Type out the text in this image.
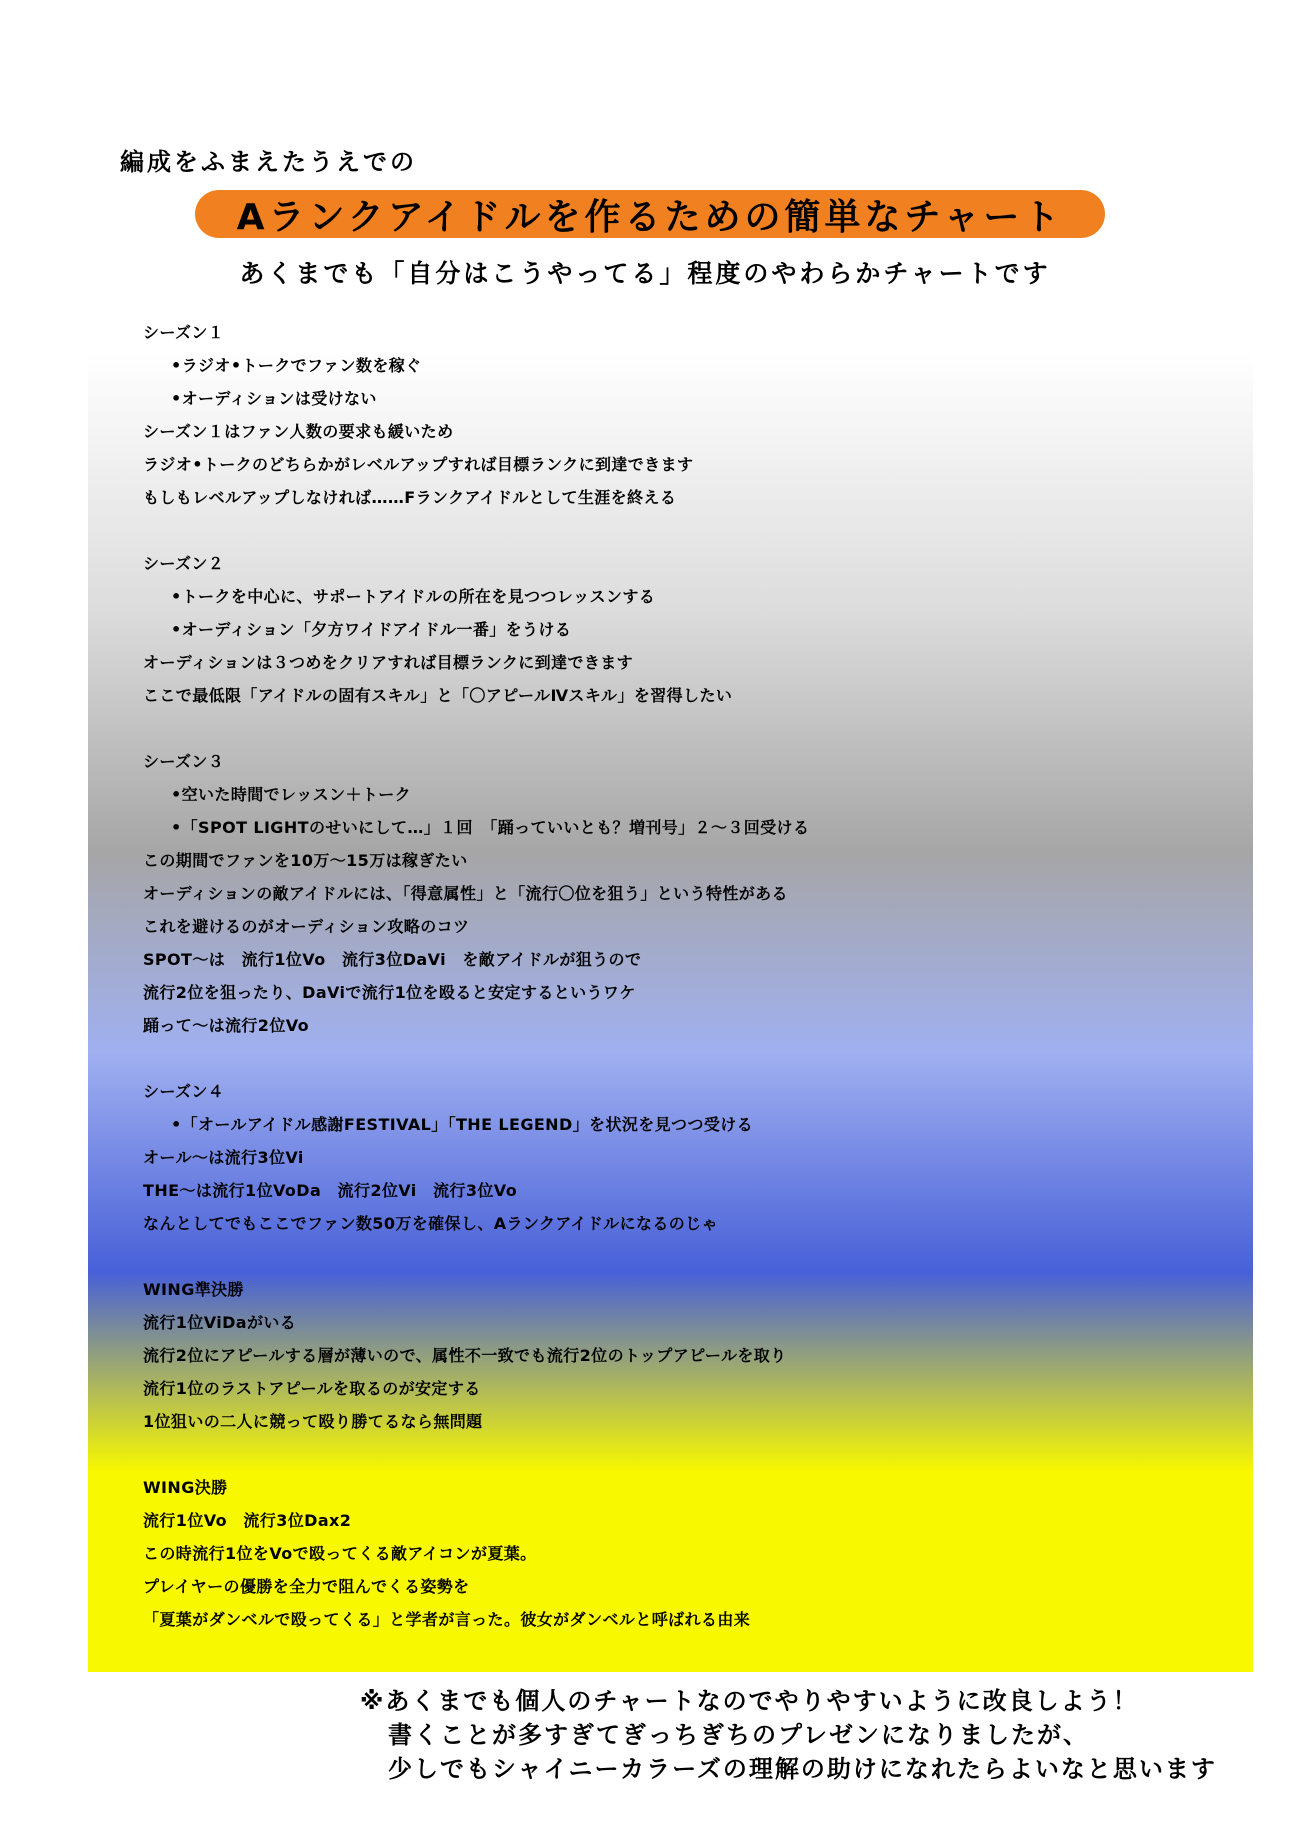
編成をふまえたうえでの
Aランクアイドルを作るための簡単なチャート
あくまでも「自分はこうやってる」程度のやわらかチャートです
シーズン１
•ラジオ•トークでファン数を稼ぐ
•オーディションは受けない
シーズン１はファン人数の要求も緩いため
ラジオ•トークのどちらかがレベルアップすれば目標ランクに到達できます
もしもレベルアップしなければ……Fランクアイドルとして生涯を終える
シーズン２
•トークを中心に、サポートアイドルの所在を見つつレッスンする
•オーディション「夕方ワイドアイドル一番」をうける
オーディションは３つめをクリアすれば目標ランクに到達できます
ここで最低限「アイドルの固有スキル」と「〇アピールⅣスキル」を習得したい
シーズン３
•空いた時間でレッスン＋トーク
•「SPOT LIGHTのせいにして…」１回　「踊っていいとも？増刊号」２〜３回受ける
この期間でファンを10万〜15万は稼ぎたい
オーディションの敵アイドルには、「得意属性」と「流行〇位を狙う」という特性がある
これを避けるのがオーディション攻略のコツ
SPOT〜は　流行1位Vo　流行3位DaVi　を敵アイドルが狙うので
流行2位を狙ったり、DaViで流行1位を殴ると安定するというワケ
踊って〜は流行2位Vo
シーズン４
•「オールアイドル感謝FESTIVAL」「THE LEGEND」を状況を見つつ受ける
オール〜は流行3位Vi
THE〜は流行1位VoDa　流行2位Vi　流行3位Vo
なんとしてでもここでファン数50万を確保し、Aランクアイドルになるのじゃ
WING準決勝
流行1位ViDaがいる
流行2位にアピールする層が薄いので、属性不一致でも流行2位のトップアピールを取り
流行1位のラストアピールを取るのが安定する
1位狙いの二人に競って殴り勝てるなら無問題
WING決勝
流行1位Vo　流行3位Dax2
この時流行1位をVoで殴ってくる敵アイコンが夏葉。
プレイヤーの優勝を全力で阻んでくる姿勢を
「夏葉がダンベルで殴ってくる」と学者が言った。彼女がダンベルと呼ばれる由来
※あくまでも個人のチャートなのでやりやすいように改良しよう！
書くことが多すぎてぎっちぎちのプレゼンになりましたが、
少しでもシャイニーカラーズの理解の助けになれたらよいなと思います
